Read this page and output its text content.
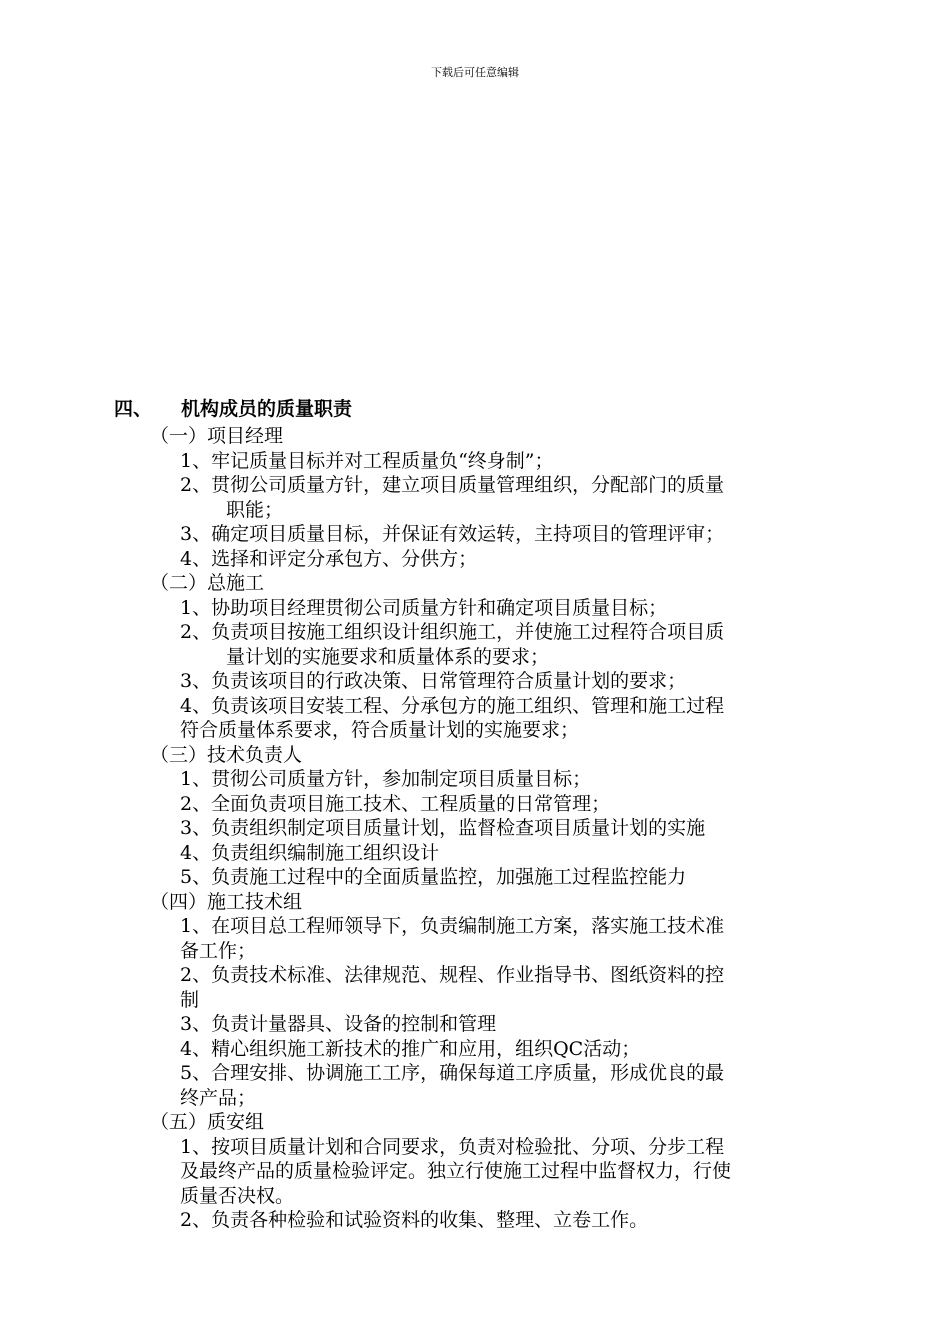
下载后可任意编辑
四、 机构成员的质量职责
（一）项目经理
1、牢记质量目标并对工程质量负“终身制”；
2、贯彻公司质量方针，建立项目质量管理组织，分配部门的质量
职能；
3、确定项目质量目标，并保证有效运转，主持项目的管理评审；
4、选择和评定分承包方、分供方；
（二）总施工
1、协助项目经理贯彻公司质量方针和确定项目质量目标；
2、负责项目按施工组织设计组织施工，并使施工过程符合项目质
量计划的实施要求和质量体系的要求；
3、负责该项目的行政决策、日常管理符合质量计划的要求；
4、负责该项目安装工程、分承包方的施工组织、管理和施工过程
符合质量体系要求，符合质量计划的实施要求；
（三）技术负责人
1、贯彻公司质量方针，参加制定项目质量目标；
2、全面负责项目施工技术、工程质量的日常管理；
3、负责组织制定项目质量计划，监督检查项目质量计划的实施
4、负责组织编制施工组织设计
5、负责施工过程中的全面质量监控，加强施工过程监控能力
（四）施工技术组
1、在项目总工程师领导下，负责编制施工方案，落实施工技术准
备工作；
2、负责技术标准、法律规范、规程、作业指导书、图纸资料的控
制
3、负责计量器具、设备的控制和管理
4、精心组织施工新技术的推广和应用，组织QC活动；
5、合理安排、协调施工工序，确保每道工序质量，形成优良的最
终产品；
（五）质安组
1、按项目质量计划和合同要求，负责对检验批、分项、分步工程
及最终产品的质量检验评定。独立行使施工过程中监督权力，行使
质量否决权。
2、负责各种检验和试验资料的收集、整理、立卷工作。
